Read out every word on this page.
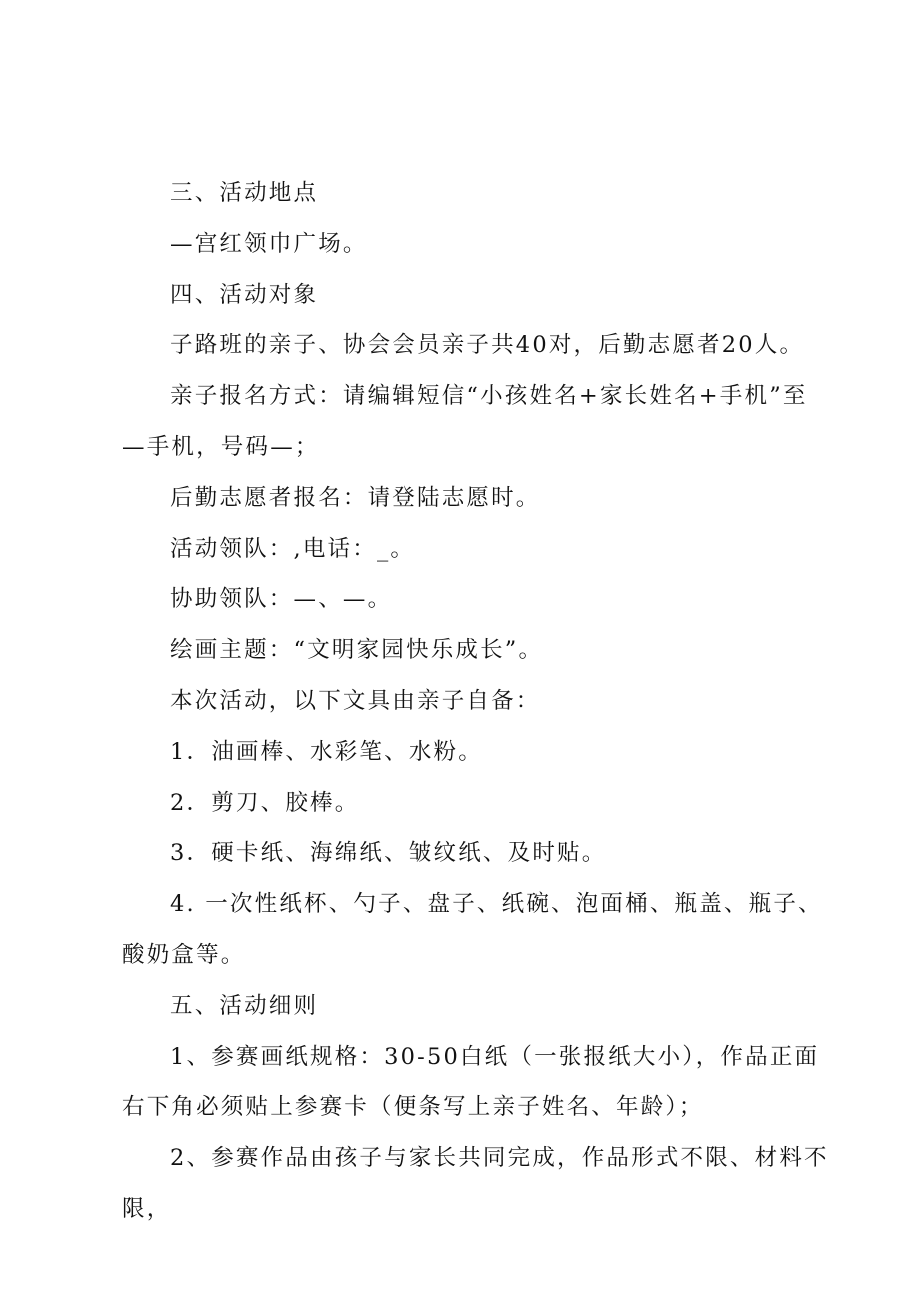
三、活动地点

—宫红领巾广场。

四、活动对象

子路班的亲子、协会会员亲子共40对，后勤志愿者20人。

亲子报名方式：请编辑短信“小孩姓名+家长姓名+手机”至—手机，号码—；

后勤志愿者报名：请登陆志愿时。

活动领队：,电话：_。

协助领队：—、—。

绘画主题：“文明家园快乐成长”。

本次活动，以下文具由亲子自备：

1．油画棒、水彩笔、水粉。

2．剪刀、胶棒。

3．硬卡纸、海绵纸、皱纹纸、及时贴。

4. 一次性纸杯、勺子、盘子、纸碗、泡面桶、瓶盖、瓶子、酸奶盒等。

五、活动细则

1、参赛画纸规格：30-50白纸（一张报纸大小），作品正面右下角必须贴上参赛卡（便条写上亲子姓名、年龄）；

2、参赛作品由孩子与家长共同完成，作品形式不限、材料不限，
